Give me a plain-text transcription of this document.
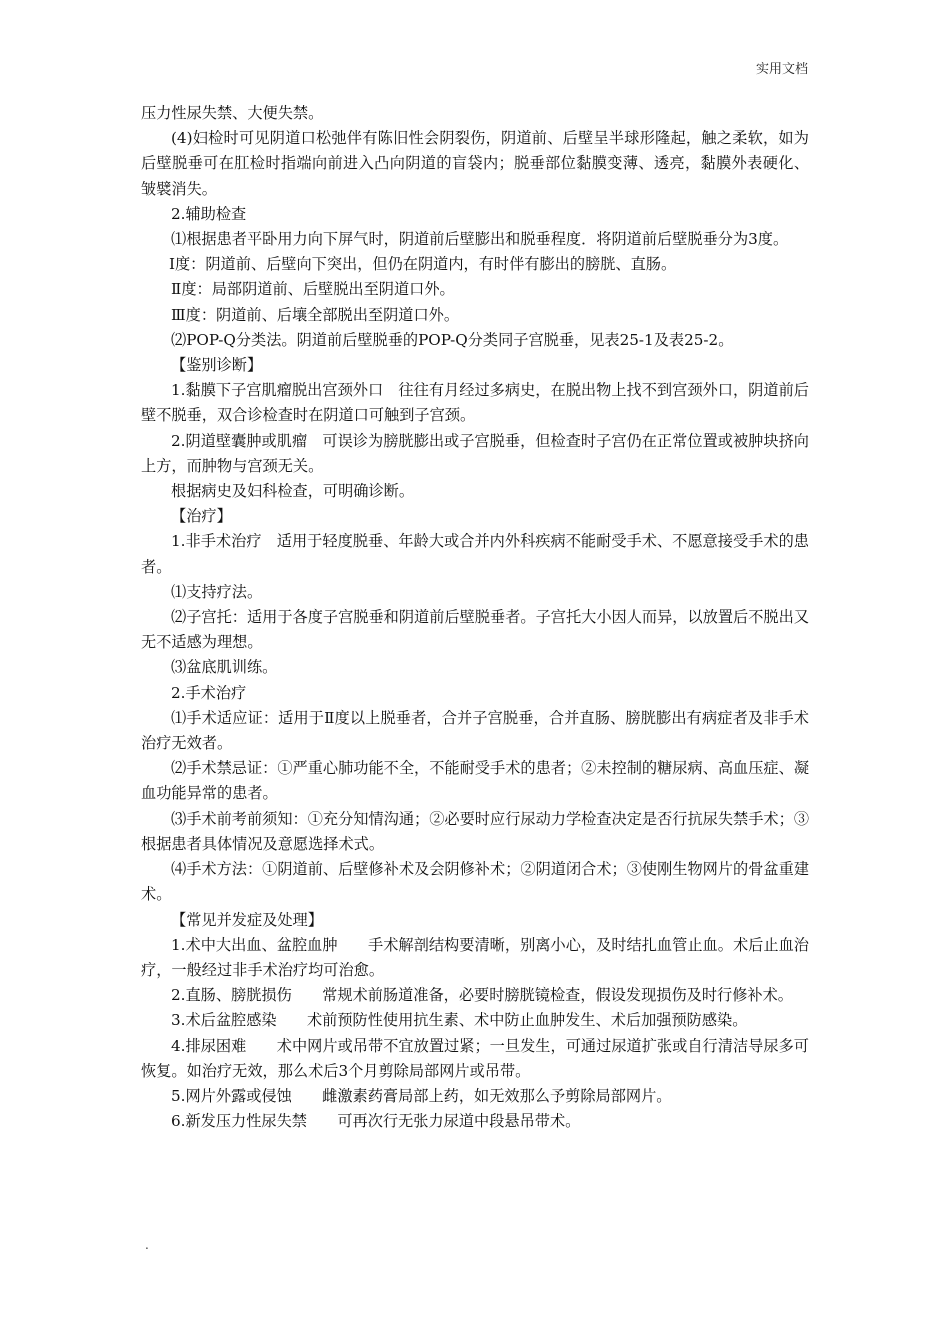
实用文档

压力性尿失禁、大便失禁。

(4)妇检时可见阴道口松弛伴有陈旧性会阴裂伤，阴道前、后壁呈半球形隆起，触之柔软，如为后壁脱垂可在肛检时指端向前进入凸向阴道的盲袋内；脱垂部位黏膜变薄、透亮，黏膜外表硬化、皱襞消失。

2.辅助检查

⑴根据患者平卧用力向下屏气时，阴道前后壁膨出和脱垂程度．将阴道前后壁脱垂分为3度。

Ⅰ度：阴道前、后壁向下突出，但仍在阴道内，有时伴有膨出的膀胱、直肠。

Ⅱ度：局部阴道前、后壁脱出至阴道口外。

Ⅲ度：阴道前、后壤全部脱出至阴道口外。

⑵POP-Q分类法。阴道前后壁脱垂的POP-Q分类同子宫脱垂，见表25-1及表25-2。

【鉴别诊断】

1.黏膜下子宫肌瘤脱出宫颈外口　往往有月经过多病史，在脱出物上找不到宫颈外口，阴道前后壁不脱垂，双合诊检查时在阴道口可触到子宫颈。

2.阴道壁囊肿或肌瘤　可误诊为膀胱膨出或子宫脱垂，但检查时子宫仍在正常位置或被肿块挤向上方，而肿物与宫颈无关。

根据病史及妇科检查，可明确诊断。

【治疗】

1.非手术治疗　适用于轻度脱垂、年龄大或合并内外科疾病不能耐受手术、不愿意接受手术的患者。

⑴支持疗法。

⑵子宫托：适用于各度子宫脱垂和阴道前后壁脱垂者。子宫托大小因人而异，以放置后不脱出又无不适感为理想。

⑶盆底肌训练。

2.手术治疗

⑴手术适应证：适用于Ⅱ度以上脱垂者，合并子宫脱垂，合并直肠、膀胱膨出有病症者及非手术治疗无效者。

⑵手术禁忌证：①严重心肺功能不全，不能耐受手术的患者；②未控制的糖尿病、高血压症、凝血功能异常的患者。

⑶手术前考前须知：①充分知情沟通；②必要时应行尿动力学检查决定是否行抗尿失禁手术；③根据患者具体情况及意愿选择术式。

⑷手术方法：①阴道前、后壁修补术及会阴修补术；②阴道闭合术；③使刚生物网片的骨盆重建术。

【常见并发症及处理】

1.术中大出血、盆腔血肿　　手术解剖结构要清晰，别离小心，及时结扎血管止血。术后止血治疗，一般经过非手术治疗均可治愈。

2.直肠、膀胱损伤　　常规术前肠道准备，必要时膀胱镜检查，假设发现损伤及时行修补术。

3.术后盆腔感染　　术前预防性使用抗生素、术中防止血肿发生、术后加强预防感染。

4.排尿困难　　术中网片或吊带不宜放置过紧；一旦发生，可通过尿道扩张或自行清洁导尿多可恢复。如治疗无效，那么术后3个月剪除局部网片或吊带。

5.网片外露或侵蚀　　雌激素药膏局部上药，如无效那么予剪除局部网片。

6.新发压力性尿失禁　　可再次行无张力尿道中段悬吊带术。

.
